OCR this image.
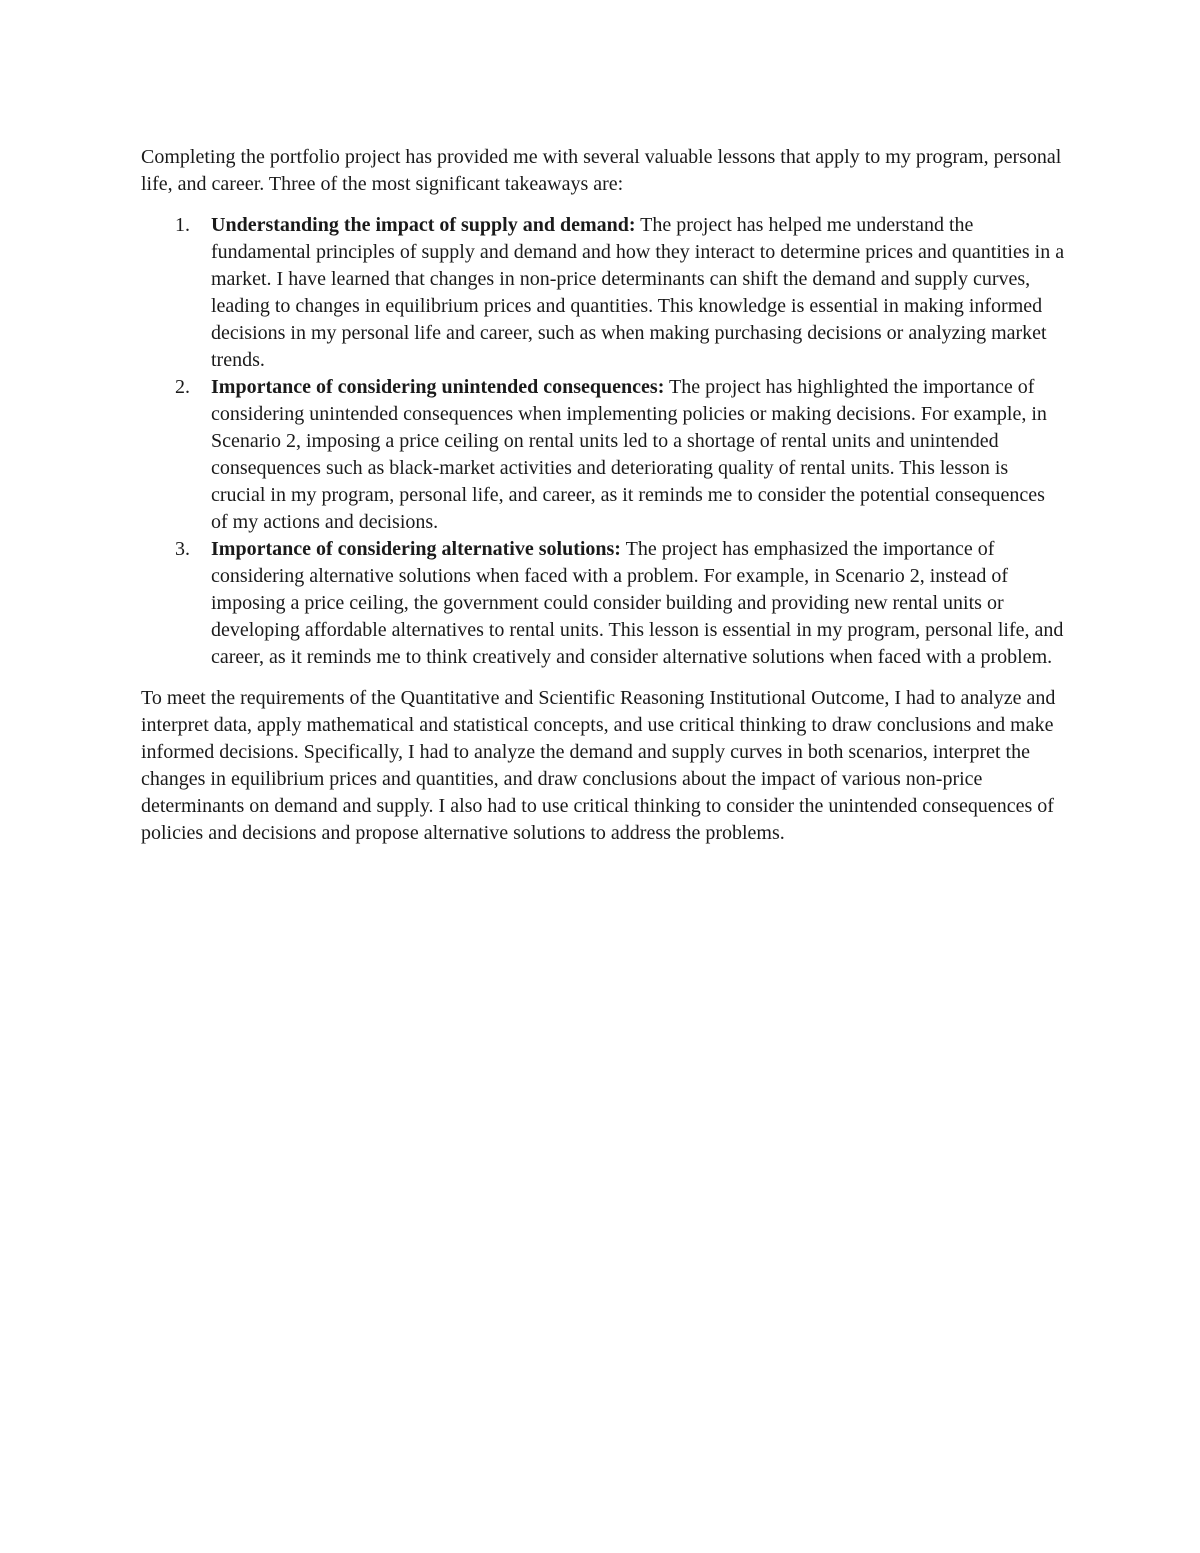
Completing the portfolio project has provided me with several valuable lessons that apply to my program, personal life, and career. Three of the most significant takeaways are:

1. Understanding the impact of supply and demand: The project has helped me understand the fundamental principles of supply and demand and how they interact to determine prices and quantities in a market. I have learned that changes in non-price determinants can shift the demand and supply curves, leading to changes in equilibrium prices and quantities. This knowledge is essential in making informed decisions in my personal life and career, such as when making purchasing decisions or analyzing market trends.
2. Importance of considering unintended consequences: The project has highlighted the importance of considering unintended consequences when implementing policies or making decisions. For example, in Scenario 2, imposing a price ceiling on rental units led to a shortage of rental units and unintended consequences such as black-market activities and deteriorating quality of rental units. This lesson is crucial in my program, personal life, and career, as it reminds me to consider the potential consequences of my actions and decisions.
3. Importance of considering alternative solutions: The project has emphasized the importance of considering alternative solutions when faced with a problem. For example, in Scenario 2, instead of imposing a price ceiling, the government could consider building and providing new rental units or developing affordable alternatives to rental units. This lesson is essential in my program, personal life, and career, as it reminds me to think creatively and consider alternative solutions when faced with a problem.

To meet the requirements of the Quantitative and Scientific Reasoning Institutional Outcome, I had to analyze and interpret data, apply mathematical and statistical concepts, and use critical thinking to draw conclusions and make informed decisions. Specifically, I had to analyze the demand and supply curves in both scenarios, interpret the changes in equilibrium prices and quantities, and draw conclusions about the impact of various non-price determinants on demand and supply. I also had to use critical thinking to consider the unintended consequences of policies and decisions and propose alternative solutions to address the problems.
